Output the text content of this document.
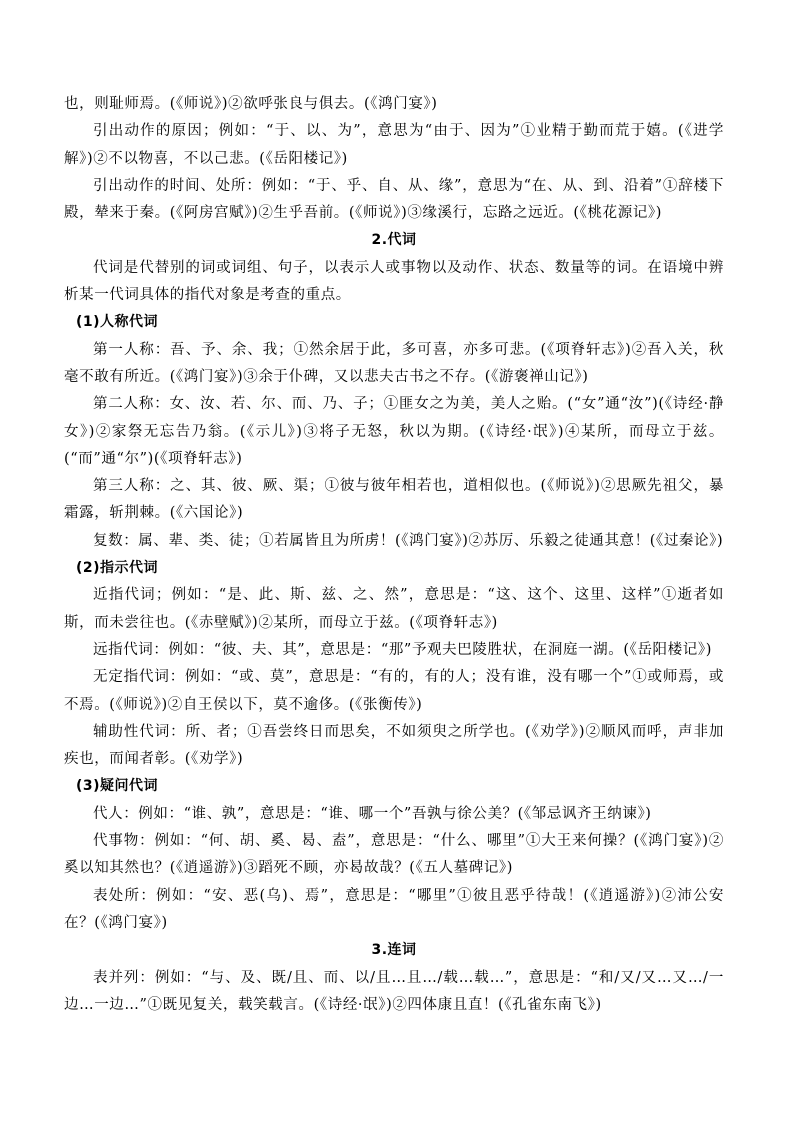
也，则耻师焉。(《师说》)②欲呼张良与俱去。(《鸿门宴》)

引出动作的原因；例如：“于、以、为”，意思为“由于、因为”①业精于勤而荒于嬉。(《进学解》)②不以物喜，不以己悲。(《岳阳楼记》)

引出动作的时间、处所：例如：“于、乎、自、从、缘”，意思为“在、从、到、沿着”①辞楼下殿，辇来于秦。(《阿房宫赋》)②生乎吾前。(《师说》)③缘溪行，忘路之远近。(《桃花源记》)

2.代词

代词是代替别的词或词组、句子，以表示人或事物以及动作、状态、数量等的词。在语境中辨析某一代词具体的指代对象是考查的重点。

(1)人称代词

第一人称：吾、予、余、我；①然余居于此，多可喜，亦多可悲。(《项脊轩志》)②吾入关，秋毫不敢有所近。(《鸿门宴》)③余于仆碑，又以悲夫古书之不存。(《游褒禅山记》)

第二人称：女、汝、若、尔、而、乃、子；①匪女之为美，美人之贻。(“女”通“汝”)(《诗经·静女》)②家祭无忘告乃翁。(《示儿》)③将子无怒，秋以为期。(《诗经·氓》)④某所，而母立于兹。(“而”通“尔”)(《项脊轩志》)

第三人称：之、其、彼、厥、渠；①彼与彼年相若也，道相似也。(《师说》)②思厥先祖父，暴霜露，斩荆棘。(《六国论》)

复数：属、辈、类、徒；①若属皆且为所虏！(《鸿门宴》)②苏厉、乐毅之徒通其意！(《过秦论》)

(2)指示代词

近指代词；例如：“是、此、斯、兹、之、然”，意思是：“这、这个、这里、这样”①逝者如斯，而未尝往也。(《赤壁赋》)②某所，而母立于兹。(《项脊轩志》)

远指代词：例如：“彼、夫、其”，意思是：“那”予观夫巴陵胜状，在洞庭一湖。(《岳阳楼记》)

无定指代词：例如：“或、莫”，意思是：“有的，有的人；没有谁，没有哪一个”①或师焉，或不焉。(《师说》)②自王侯以下，莫不逾侈。(《张衡传》)

辅助性代词：所、者；①吾尝终日而思矣，不如须臾之所学也。(《劝学》)②顺风而呼，声非加疾也，而闻者彰。(《劝学》)

(3)疑问代词

代人：例如：“谁、孰”，意思是：“谁、哪一个”吾孰与徐公美？(《邹忌讽齐王纳谏》)

代事物：例如：“何、胡、奚、曷、盍”，意思是：“什么、哪里”①大王来何操？(《鸿门宴》)②奚以知其然也？(《逍遥游》)③蹈死不顾，亦曷故哉？(《五人墓碑记》)

表处所：例如：“安、恶(乌)、焉”，意思是：“哪里”①彼且恶乎待哉！(《逍遥游》)②沛公安在？(《鸿门宴》)

3.连词

表并列：例如：“与、及、既/且、而、以/且…且…/载…载…”，意思是：“和/又/又…又…/一边…一边…”①既见复关，载笑载言。(《诗经·氓》)②四体康且直！(《孔雀东南飞》)
